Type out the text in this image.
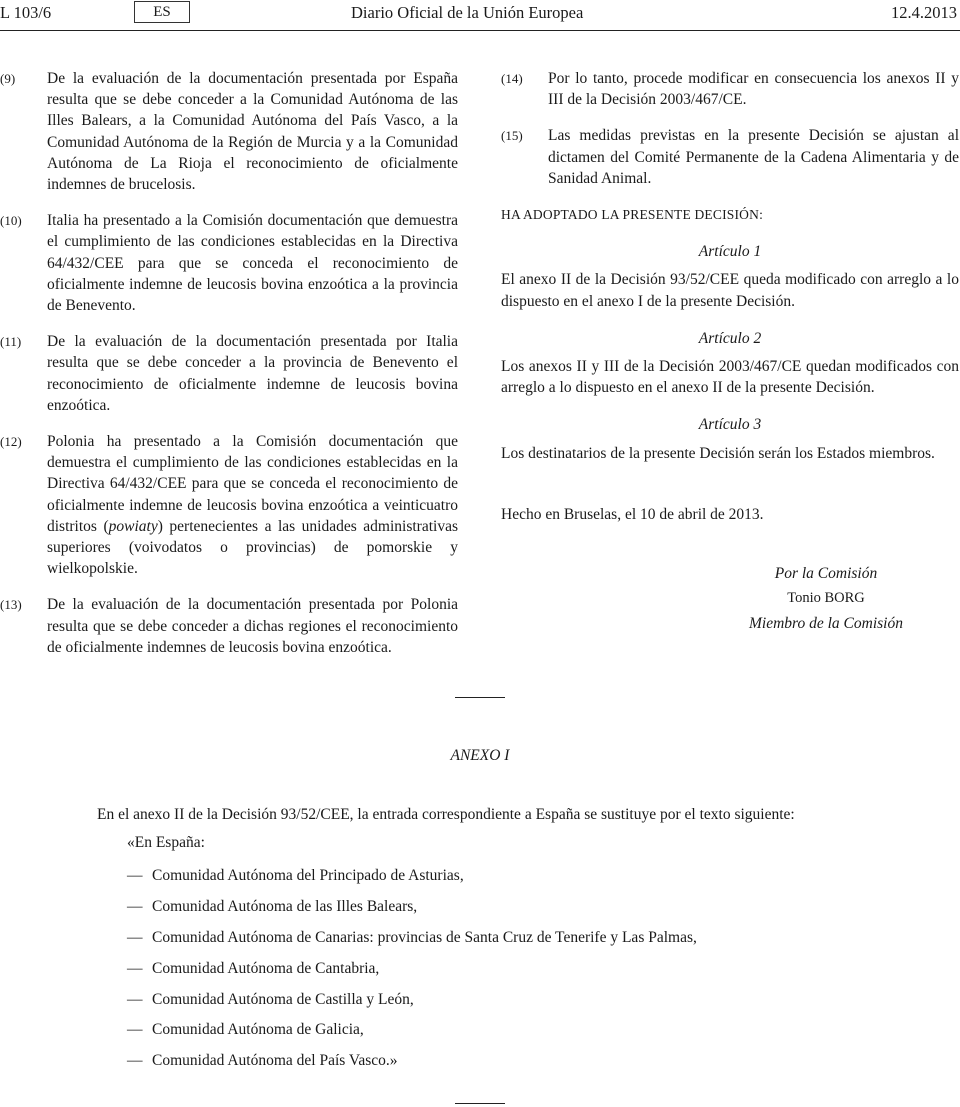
L 103/6	ES	Diario Oficial de la Unión Europea	12.4.2013
(9) De la evaluación de la documentación presentada por España resulta que se debe conceder a la Comunidad Autónoma de las Illes Balears, a la Comunidad Autónoma del País Vasco, a la Comunidad Autónoma de la Región de Murcia y a la Comunidad Autónoma de La Rioja el reconocimiento de oficialmente indemnes de brucelosis.
(10) Italia ha presentado a la Comisión documentación que demuestra el cumplimiento de las condiciones establecidas en la Directiva 64/432/CEE para que se conceda el reconocimiento de oficialmente indemne de leucosis bovina enzoótica a la provincia de Benevento.
(11) De la evaluación de la documentación presentada por Italia resulta que se debe conceder a la provincia de Benevento el reconocimiento de oficialmente indemne de leucosis bovina enzoótica.
(12) Polonia ha presentado a la Comisión documentación que demuestra el cumplimiento de las condiciones establecidas en la Directiva 64/432/CEE para que se conceda el reconocimiento de oficialmente indemne de leucosis bovina enzoótica a veinticuatro distritos (powiaty) pertenecientes a las unidades administrativas superiores (voivodatos o provincias) de pomorskie y wielkopolskie.
(13) De la evaluación de la documentación presentada por Polonia resulta que se debe conceder a dichas regiones el reconocimiento de oficialmente indemnes de leucosis bovina enzoótica.
(14) Por lo tanto, procede modificar en consecuencia los anexos II y III de la Decisión 2003/467/CE.
(15) Las medidas previstas en la presente Decisión se ajustan al dictamen del Comité Permanente de la Cadena Alimentaria y de Sanidad Animal.
HA ADOPTADO LA PRESENTE DECISIÓN:
Artículo 1
El anexo II de la Decisión 93/52/CEE queda modificado con arreglo a lo dispuesto en el anexo I de la presente Decisión.
Artículo 2
Los anexos II y III de la Decisión 2003/467/CE quedan modificados con arreglo a lo dispuesto en el anexo II de la presente Decisión.
Artículo 3
Los destinatarios de la presente Decisión serán los Estados miembros.
Hecho en Bruselas, el 10 de abril de 2013.
Por la Comisión
Tonio BORG
Miembro de la Comisión
ANEXO I
En el anexo II de la Decisión 93/52/CEE, la entrada correspondiente a España se sustituye por el texto siguiente:
«En España:
— Comunidad Autónoma del Principado de Asturias,
— Comunidad Autónoma de las Illes Balears,
— Comunidad Autónoma de Canarias: provincias de Santa Cruz de Tenerife y Las Palmas,
— Comunidad Autónoma de Cantabria,
— Comunidad Autónoma de Castilla y León,
— Comunidad Autónoma de Galicia,
— Comunidad Autónoma del País Vasco.»
